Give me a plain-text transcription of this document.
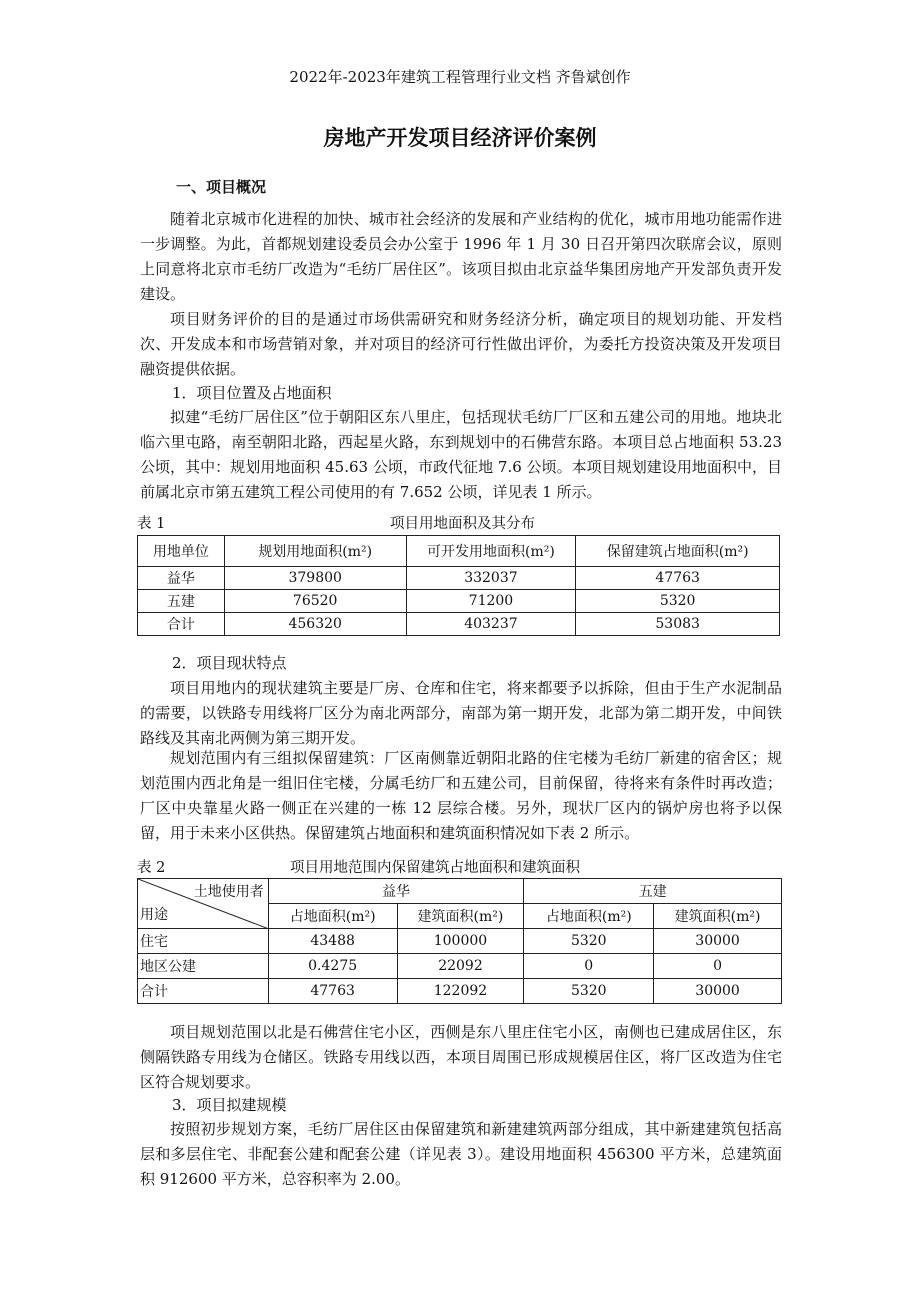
2022年-2023年建筑工程管理行业文档 齐鲁斌创作
房地产开发项目经济评价案例
一、项目概况

随着北京城市化进程的加快、城市社会经济的发展和产业结构的优化，城市用地功能需作进一步调整。为此，首都规划建设委员会办公室于 1996 年 1 月 30 日召开第四次联席会议，原则上同意将北京市毛纺厂改造为“毛纺厂居住区”。该项目拟由北京益华集团房地产开发部负责开发建设。

项目财务评价的目的是通过市场供需研究和财务经济分析，确定项目的规划功能、开发档次、开发成本和市场营销对象，并对项目的经济可行性做出评价，为委托方投资决策及开发项目融资提供依据。

1．项目位置及占地面积

拟建“毛纺厂居住区”位于朝阳区东八里庄，包括现状毛纺厂厂区和五建公司的用地。地块北临六里屯路，南至朝阳北路，西起星火路，东到规划中的石佛营东路。本项目总占地面积 53.23 公顷，其中：规划用地面积 45.63 公顷，市政代征地 7.6 公顷。本项目规划建设用地面积中，目前属北京市第五建筑工程公司使用的有 7.652 公顷，详见表 1 所示。

表 1	项目用地面积及其分布
用地单位	规划用地面积(m²)	可开发用地面积(m²)	保留建筑占地面积(m²)
益华	379800	332037	47763
五建	76520	71200	5320
合计	456320	403237	53083
2．项目现状特点

项目用地内的现状建筑主要是厂房、仓库和住宅，将来都要予以拆除，但由于生产水泥制品的需要，以铁路专用线将厂区分为南北两部分，南部为第一期开发，北部为第二期开发，中间铁路线及其南北两侧为第三期开发。

规划范围内有三组拟保留建筑：厂区南侧靠近朝阳北路的住宅楼为毛纺厂新建的宿舍区；规划范围内西北角是一组旧住宅楼，分属毛纺厂和五建公司，目前保留，待将来有条件时再改造；厂区中央靠星火路一侧正在兴建的一栋 12 层综合楼。另外，现状厂区内的锅炉房也将予以保留，用于未来小区供热。保留建筑占地面积和建筑面积情况如下表 2 所示。

表 2	项目用地范围内保留建筑占地面积和建筑面积
土地使用者
用途	益华		五建	
	占地面积(m²)	建筑面积(m²)	占地面积(m²)	建筑面积(m²)
住宅	43488	100000	5320	30000
地区公建	0.4275	22092	0	0
合计	47763	122092	5320	30000

项目规划范围以北是石佛营住宅小区，西侧是东八里庄住宅小区，南侧也已建成居住区，东侧隔铁路专用线为仓储区。铁路专用线以西，本项目周围已形成规模居住区，将厂区改造为住宅区符合规划要求。

3．项目拟建规模

按照初步规划方案，毛纺厂居住区由保留建筑和新建建筑两部分组成，其中新建建筑包括高层和多层住宅、非配套公建和配套公建（详见表 3）。建设用地面积 456300 平方米，总建筑面积 912600 平方米，总容积率为 2.00。
